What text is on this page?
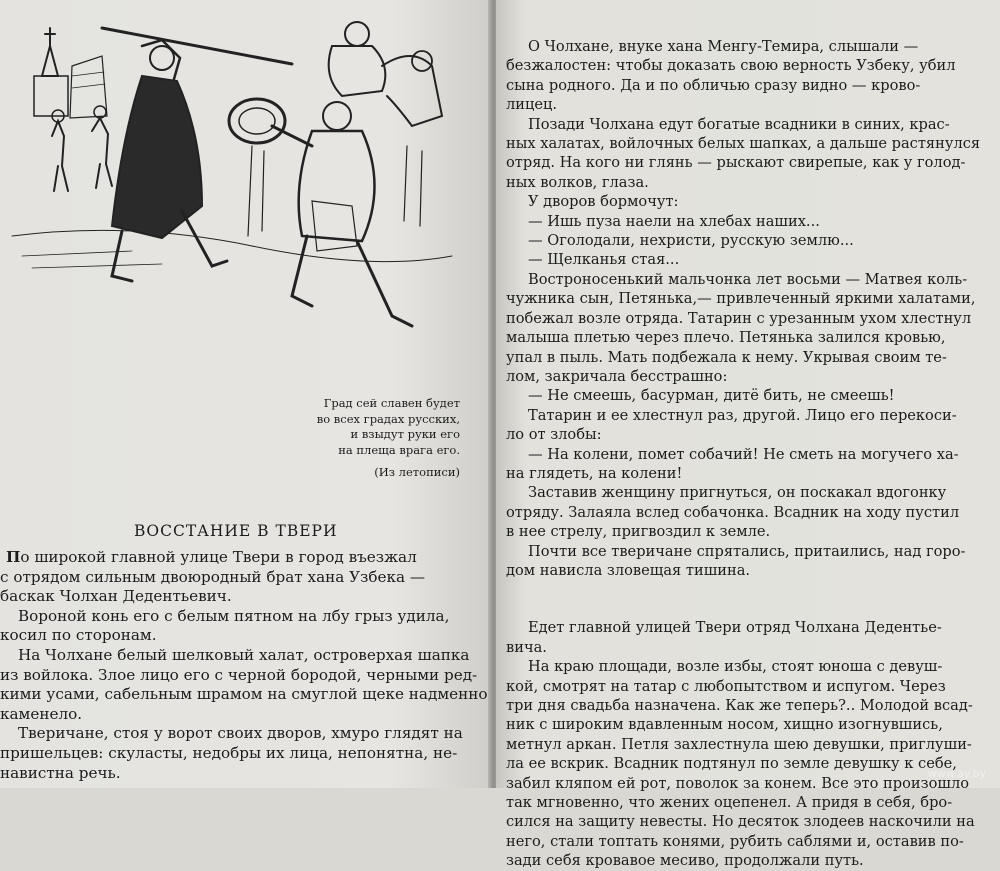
Град сей славен будет
во всех градах русских,
и взыдут руки его
на плеща врага его.
(Из летописи)
ВОССТАНИЕ В ТВЕРИ
По широкой главной улице Твери в город въезжал
с отрядом сильным двоюродный брат хана Узбека —
баскак Чолхан Дедентьевич.
Вороной конь его с белым пятном на лбу грыз удила,
косил по сторонам.
На Чолхане белый шелковый халат, островерхая шапка
из войлока. Злое лицо его с черной бородой, черными ред-
кими усами, сабельным шрамом на смуглой щеке надменно
каменело.
Тверичане, стоя у ворот своих дворов, хмуро глядят на
пришельцев: скуласты, недобры их лица, непонятна, не-
навистна речь.
О Чолхане, внуке хана Менгу-Темира, слышали —
безжалостен: чтобы доказать свою верность Узбеку, убил
сына родного. Да и по обличью сразу видно — крово-
лицец.
Позади Чолхана едут богатые всадники в синих, крас-
ных халатах, войлочных белых шапках, а дальше растянулся
отряд. На кого ни глянь — рыскают свирепые, как у голод-
ных волков, глаза.
У дворов бормочут:
— Ишь пуза наели на хлебах наших...
— Оголодали, нехристи, русскую землю...
— Щелканья стая...
Востроносенький мальчонка лет восьми — Матвея коль-
чужника сын, Петянька,— привлеченный яркими халатами,
побежал возле отряда. Татарин с урезанным ухом хлестнул
малыша плетью через плечо. Петянька залился кровью,
упал в пыль. Мать подбежала к нему. Укрывая своим те-
лом, закричала бесстрашно:
— Не смеешь, басурман, дитё бить, не смеешь!
Татарин и ее хлестнул раз, другой. Лицо его перекоси-
ло от злобы:
— На колени, помет собачий! Не сметь на могучего ха-
на глядеть, на колени!
Заставив женщину пригнуться, он поскакал вдогонку
отряду. Залаяла вслед собачонка. Всадник на ходу пустил
в нее стрелу, пригвоздил к земле.
Почти все тверичане спрятались, притаились, над горо-
дом нависла зловещая тишина.
Едет главной улицей Твери отряд Чолхана Дедентье-
вича.
На краю площади, возле избы, стоят юноша с девуш-
кой, смотрят на татар с любопытством и испугом. Через
три дня свадьба назначена. Как же теперь?.. Молодой всад-
ник с широким вдавленным носом, хищно изогнувшись,
метнул аркан. Петля захлестнула шею девушки, приглуши-
ла ее вскрик. Всадник подтянул по земле девушку к себе,
забил кляпом ей рот, поволок за конем. Все это произошло
так мгновенно, что жених оцепенел. А придя в себя, бро-
сился на защиту невесты. Но десяток злодеев наскочили на
него, стали топтать конями, рубить саблями и, оставив по-
зади себя кровавое месиво, продолжали путь.
www.ay.by
